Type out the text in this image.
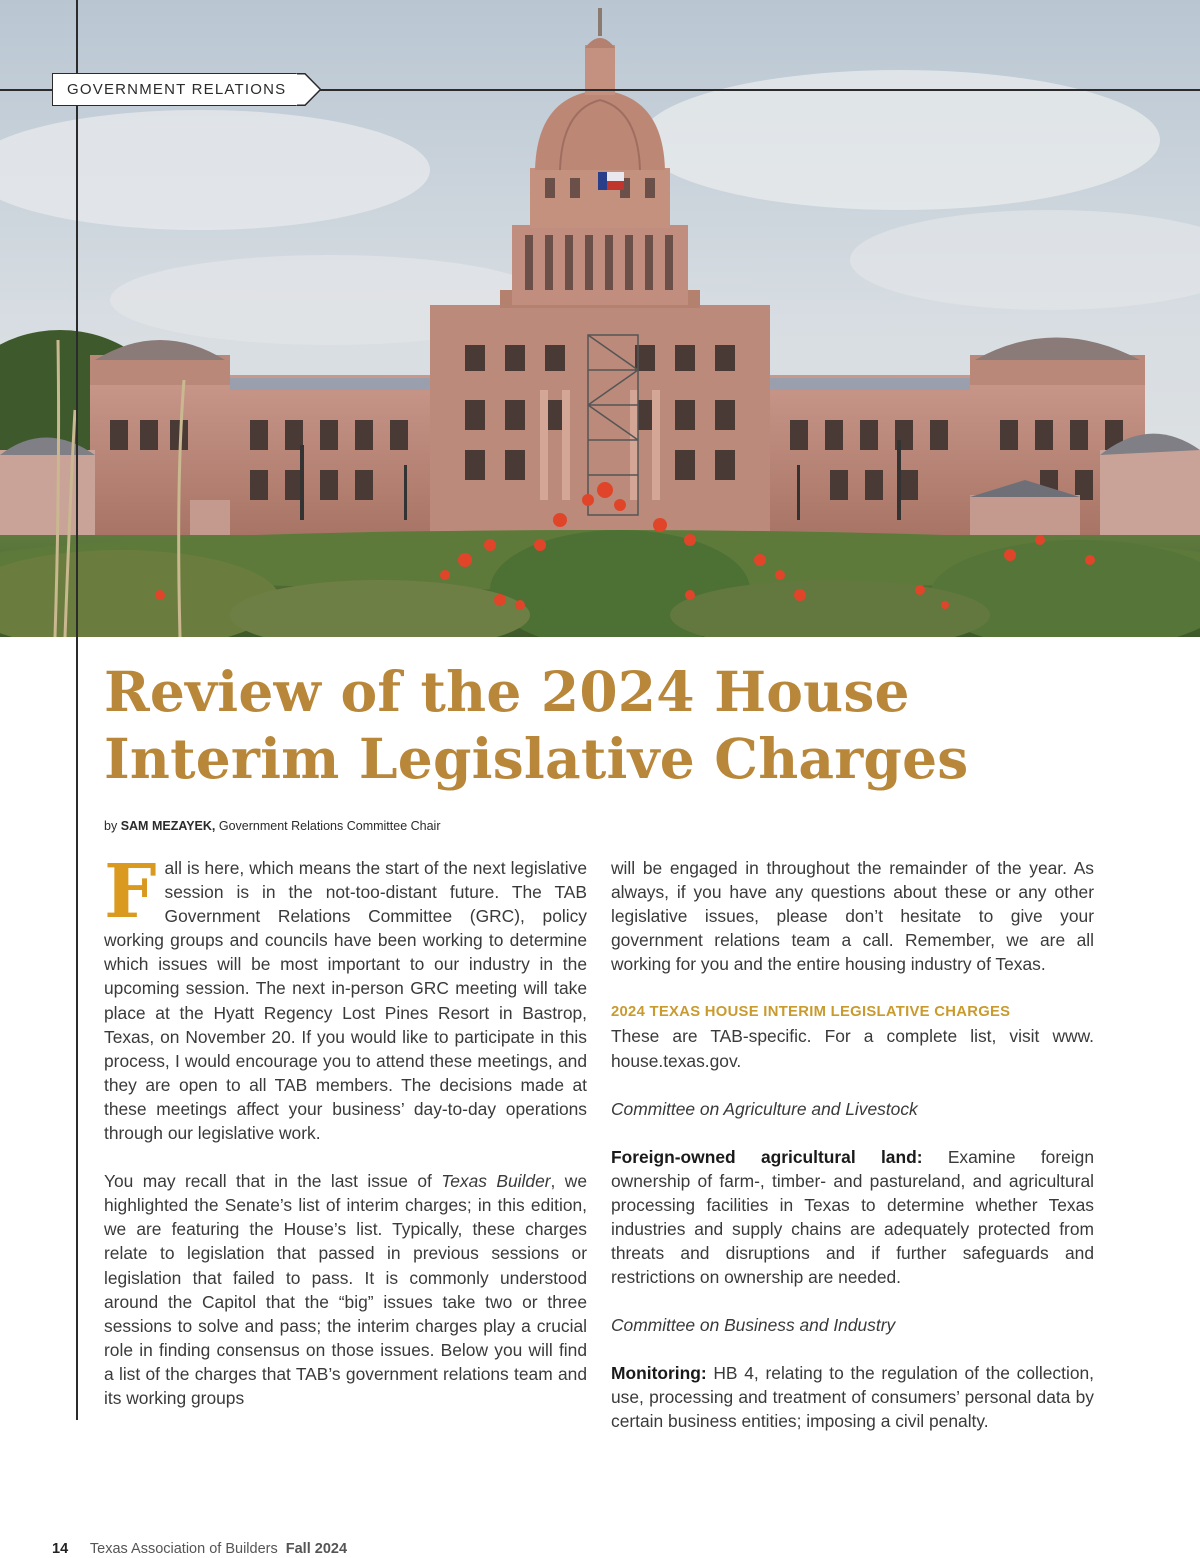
GOVERNMENT RELATIONS
Review of the 2024 House
Interim Legislative Charges
by SAM MEZAYEK, Government Relations Committee Chair

Fall is here, which means the start of the next legislative session is in the not-too-distant future. The TAB Government Relations Committee (GRC), policy working groups and councils have been working to determine which issues will be most important to our industry in the upcoming session. The next in-person GRC meeting will take place at the Hyatt Regency Lost Pines Resort in Bastrop, Texas, on November 20. If you would like to participate in this process, I would encourage you to attend these meetings, and they are open to all TAB members. The decisions made at these meetings affect your business’ day-to-day operations through our legislative work.

You may recall that in the last issue of Texas Builder, we highlighted the Senate’s list of interim charges; in this edition, we are featuring the House’s list. Typically, these charges relate to legislation that passed in previous sessions or legislation that failed to pass. It is commonly understood around the Capitol that the “big” issues take two or three sessions to solve and pass; the interim charges play a crucial role in finding consensus on those issues. Below you will find a list of the charges that TAB’s government relations team and its working groups

will be engaged in throughout the remainder of the year. As always, if you have any questions about these or any other legislative issues, please don’t hesitate to give your government relations team a call. Remember, we are all working for you and the entire housing industry of Texas.

2024 TEXAS HOUSE INTERIM LEGISLATIVE CHARGES

These are TAB-specific. For a complete list, visit www. house.texas.gov.

Committee on Agriculture and Livestock

Foreign-owned agricultural land: Examine foreign ownership of farm-, timber- and pastureland, and agricultural processing facilities in Texas to determine whether Texas industries and supply chains are adequately protected from threats and disruptions and if further safeguards and restrictions on ownership are needed.

Committee on Business and Industry

Monitoring: HB 4, relating to the regulation of the collection, use, processing and treatment of consumers’ personal data by certain business entities; imposing a civil penalty.

14 Texas Association of Builders Fall 2024
